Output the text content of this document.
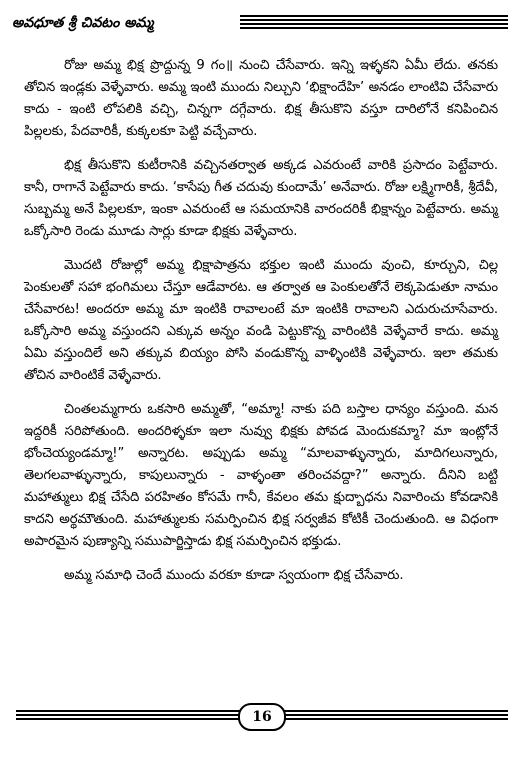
అవధూత శ్రీ చివటం అమ్మ

రోజు అమ్మ భిక్ష ప్రొద్దున్న 9 గం॥ నుంచి చేసేవారు. ఇన్ని ఇళ్ళకని ఏమీ లేదు. తనకు తోచిన ఇండ్లకు వెళ్ళేవారు. అమ్మ ఇంటి ముందు నిల్చుని ‘భిక్షాందేహి’ అనడం లాంటివి చేసేవారు కాదు - ఇంటి లోపలికి వచ్చి, చిన్నగా దగ్గేవారు. భిక్ష తీసుకొని వస్తూ దారిలోనే కనిపించిన పిల్లలకు, పేదవారికీ, కుక్కలకూ పెట్టి వచ్చేవారు.

భిక్ష తీసుకొని కుటీరానికి వచ్చినతర్వాత అక్కడ ఎవరుంటే వారికి ప్రసాదం పెట్టేవారు. కానీ, రాగానే పెట్టేవారు కాదు. ‘కాసేపు గీత చదువు కుందామే’ అనేవారు. రోజు లక్ష్మిగారికీ, శ్రీదేవీ, సుబ్బమ్మ అనే పిల్లలకూ, ఇంకా ఎవరుంటే ఆ సమయానికి వారందరికీ భిక్షాన్నం పెట్టేవారు. అమ్మ ఒక్కోసారి రెండు మూడు సార్లు కూడా భిక్షకు వెళ్ళేవారు.

మొదటి రోజుల్లో అమ్మ భిక్షాపాత్రను భక్తుల ఇంటి ముందు వుంచి, కూర్చుని, చిల్ల పెంకులతో సహా భంగిమలు చేస్తూ ఆడేవారట. ఆ తర్వాత ఆ పెంకులతోనే లెక్కపెడుతూ నామం చేసేవారట! అందరూ అమ్మ మా ఇంటికి రావాలంటే మా ఇంటికి రావాలని ఎదురుచూసేవారు. ఒక్కోసారి అమ్మ వస్తుందని ఎక్కువ అన్నం వండి పెట్టుకొన్న వారింటికి వెళ్ళేవారే కాదు. అమ్మ ఏమి వస్తుందిలే అని తక్కువ బియ్యం పోసి వండుకొన్న వాళ్ళింటికి వెళ్ళేవారు. ఇలా తమకు తోచిన వారింటికే వెళ్ళేవారు.

చింతలమ్మగారు ఒకసారి అమ్మతో, “అమ్మా! నాకు పది బస్తాల ధాన్యం వస్తుంది. మన ఇద్దరికీ సరిపోతుంది. అందరిళ్ళకూ ఇలా నువ్వు భిక్షకు పోవడ మెందుకమ్మా? మా ఇంట్లోనే భోంచెయ్యండమ్మా!” అన్నారట. అప్పుడు అమ్మ “మాలవాళ్ళున్నారు, మాదిగలున్నారు, తెలగలవాళ్ళున్నారు, కాపులున్నారు - వాళ్ళంతా తరించవద్దా?” అన్నారు. దీనిని బట్టి మహాత్ములు భిక్ష చేసేది పరహితం కోసమే గానీ, కేవలం తమ క్షుద్బాధను నివారించు కోవడానికి కాదని అర్థమౌతుంది. మహాత్ములకు సమర్పించిన భిక్ష సర్వజీవ కోటికీ చెందుతుంది. ఆ విధంగా అపారమైన పుణ్యాన్ని సముపార్జిస్తాడు భిక్ష సమర్పించిన భక్తుడు.

అమ్మ సమాధి చెందే ముందు వరకూ కూడా స్వయంగా భిక్ష చేసేవారు.

16
